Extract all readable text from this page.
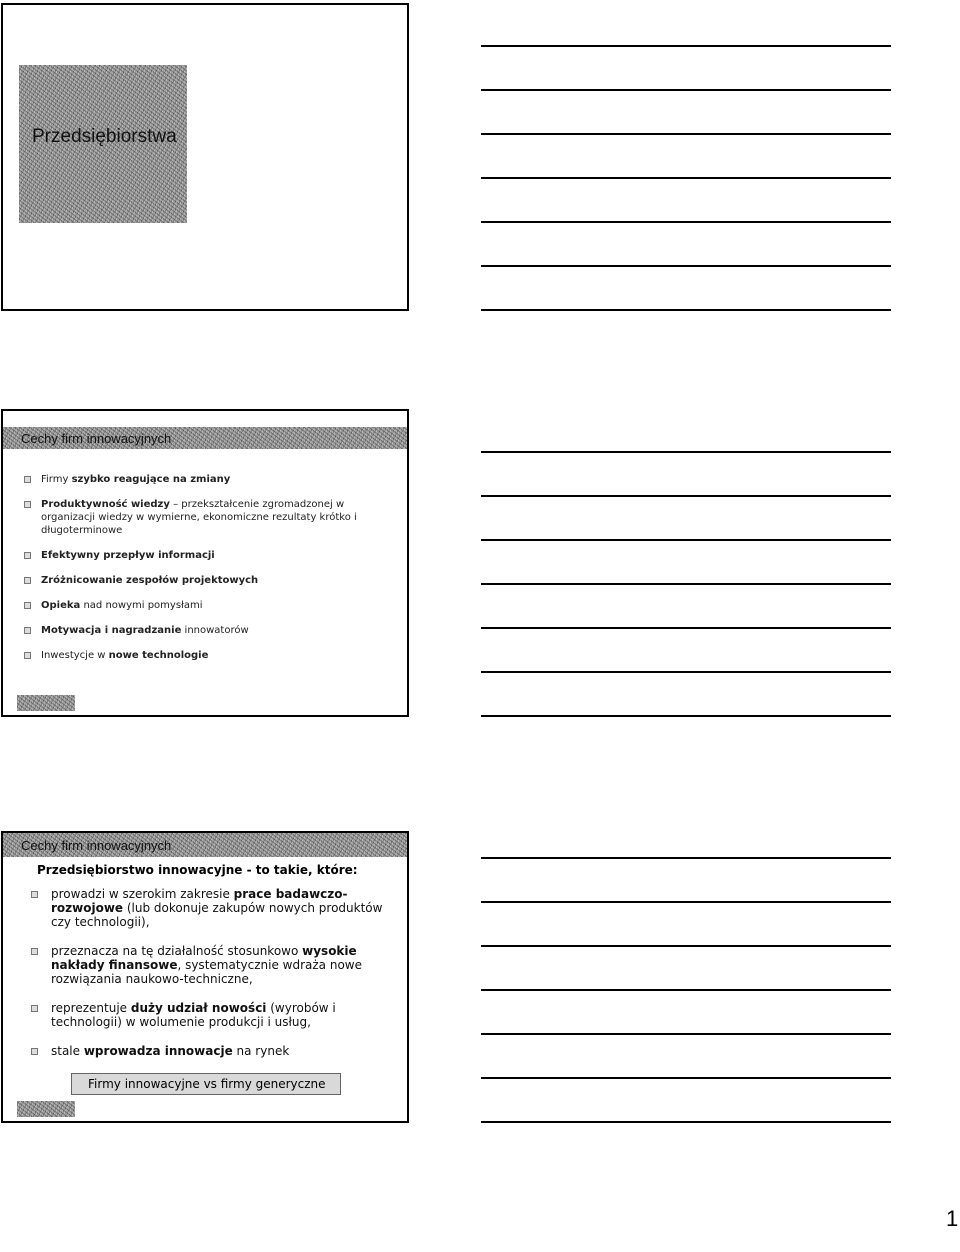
Przedsiębiorstwa
Cechy firm innowacyjnych
Firmy szybko reagujące na zmiany
Produktywność wiedzy – przekształcenie zgromadzonej w organizacji wiedzy w wymierne, ekonomiczne rezultaty krótko i długoterminowe
Efektywny przepływ informacji
Zróżnicowanie zespołów projektowych
Opieka nad nowymi pomysłami
Motywacja i nagradzanie innowatorów
Inwestycje w nowe technologie
Cechy firm innowacyjnych
Przedsiębiorstwo innowacyjne - to takie, które:
prowadzi w szerokim zakresie prace badawczo-rozwojowe (lub dokonuje zakupów nowych produktów czy technologii),
przeznacza na tę działalność stosunkowo wysokie nakłady finansowe, systematycznie wdraża nowe rozwiązania naukowo-techniczne,
reprezentuje duży udział nowości (wyrobów i technologii) w wolumenie produkcji i usług,
stale wprowadza innowacje na rynek
Firmy innowacyjne vs firmy generyczne
1
